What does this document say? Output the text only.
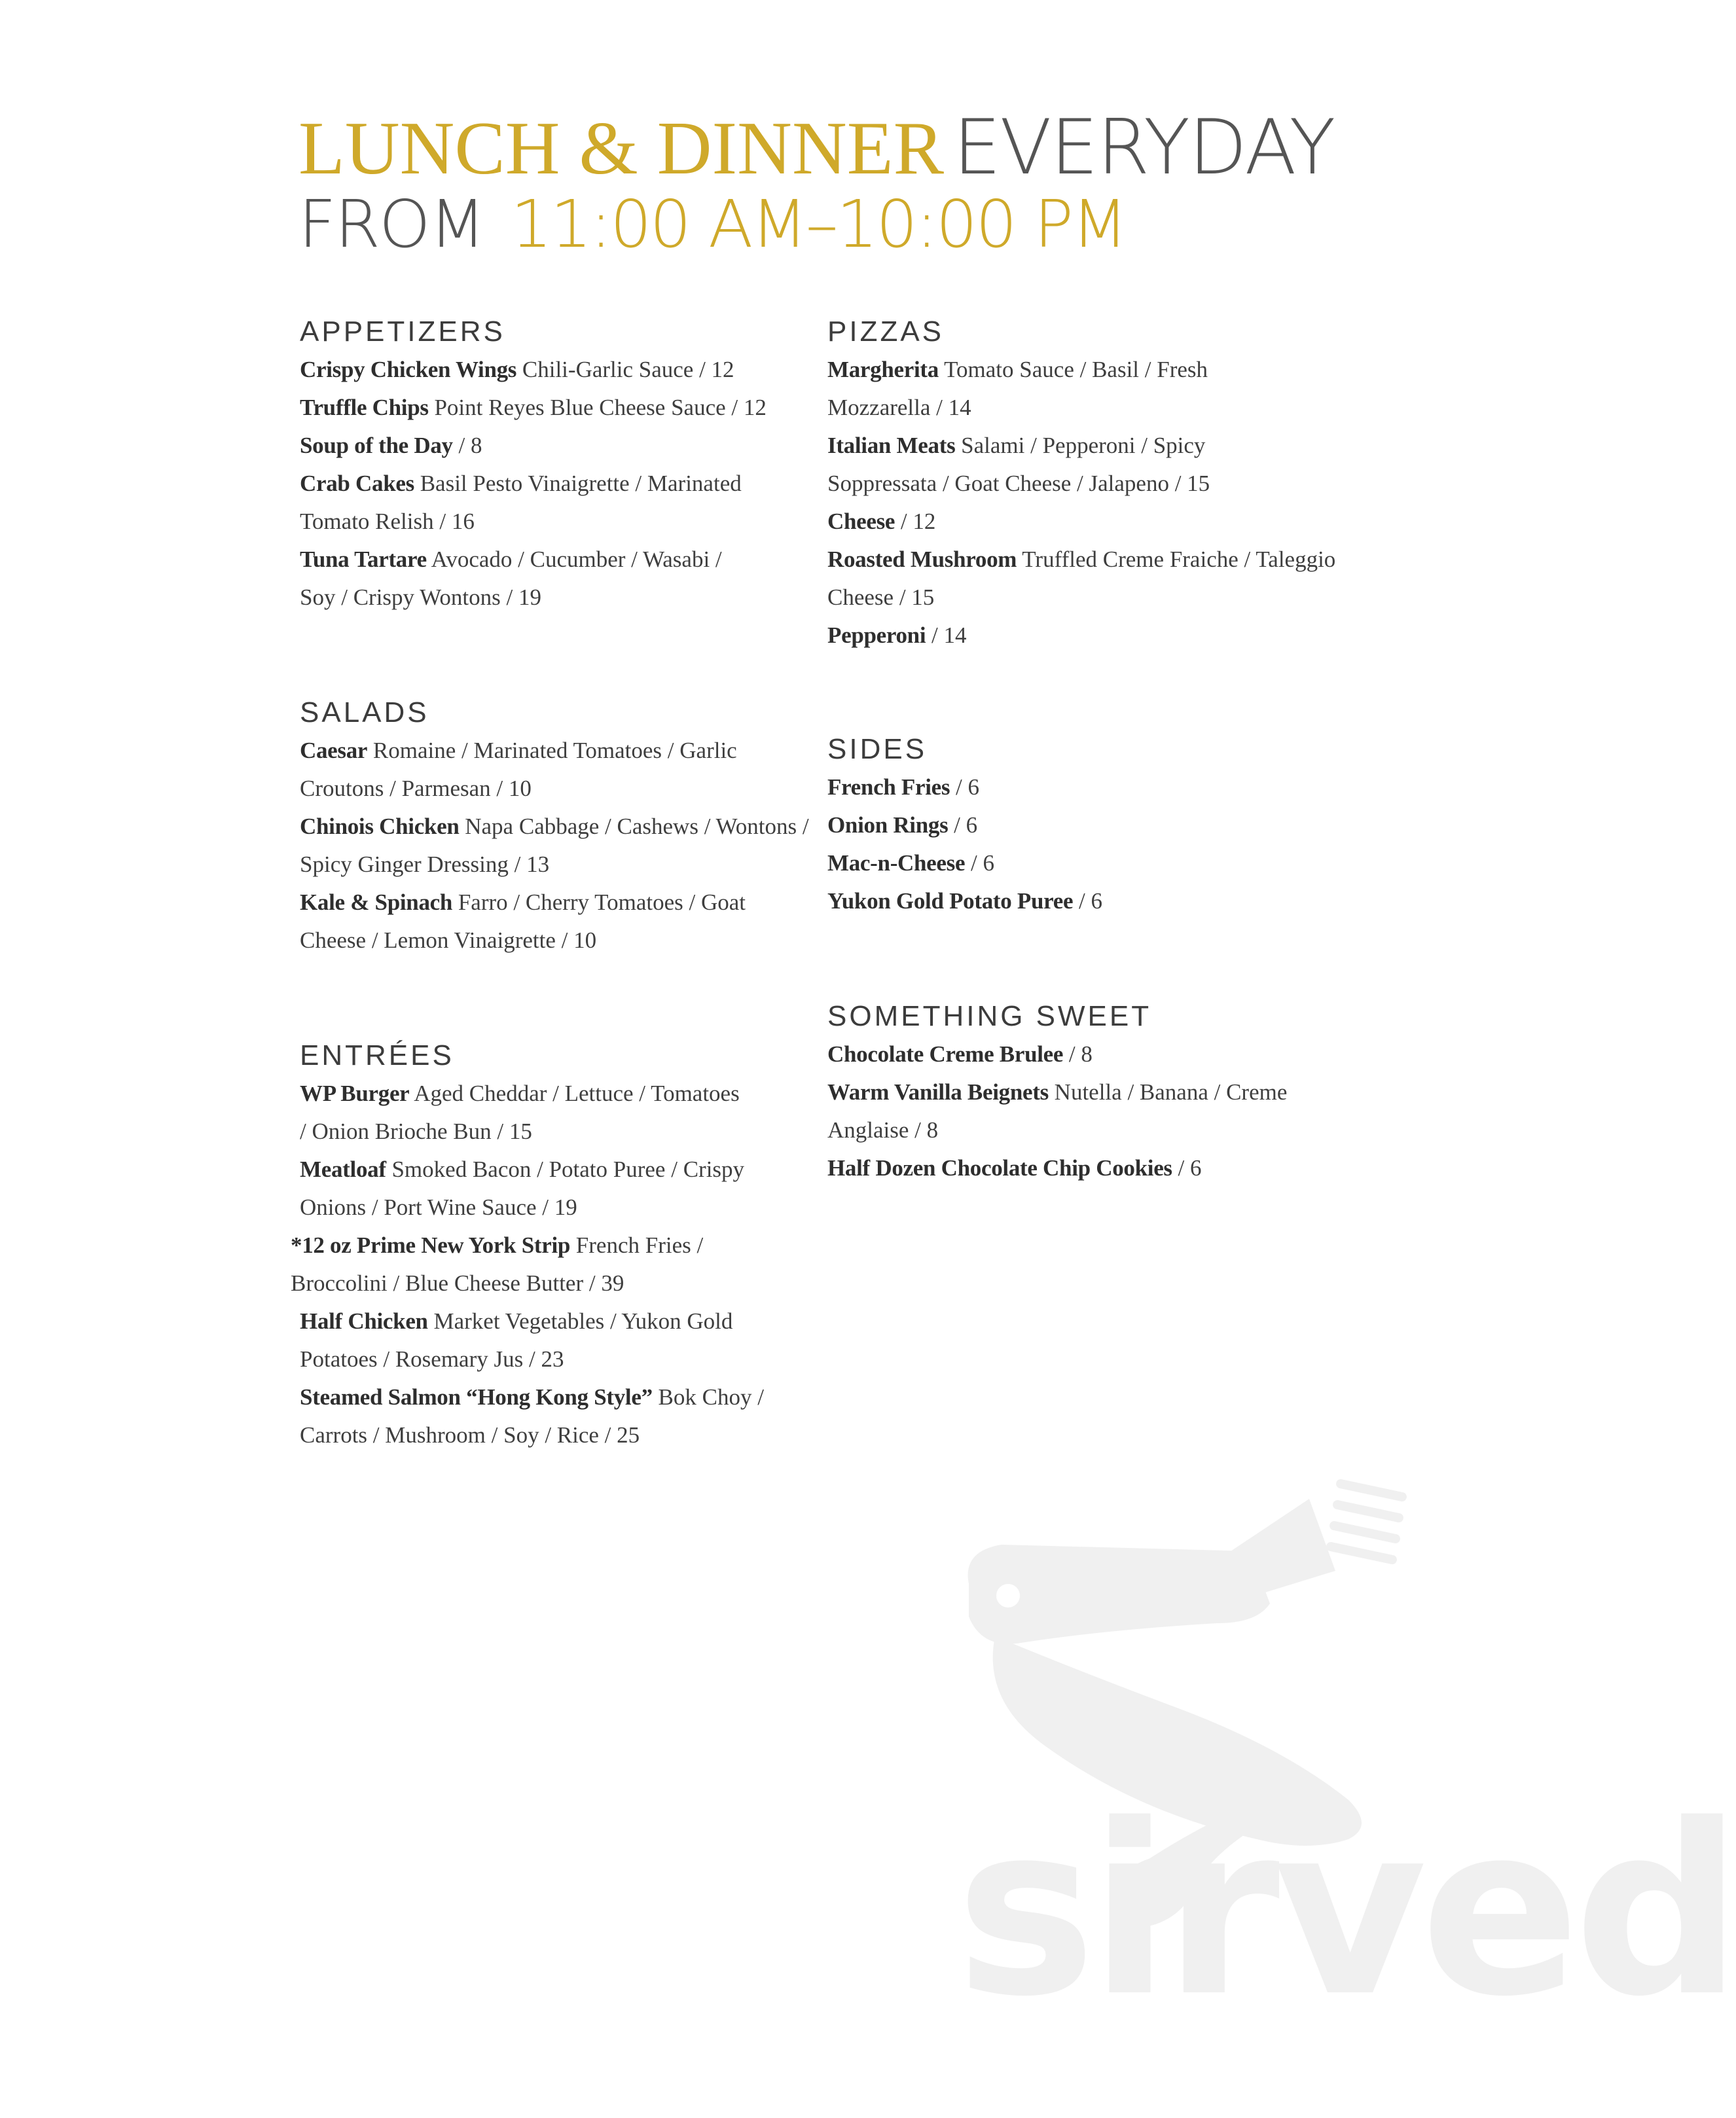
LUNCH & DINNER EVERYDAY
FROM 11:00 AM–10:00 PM
APPETIZERS
Crispy Chicken Wings Chili-Garlic Sauce / 12
Truffle Chips Point Reyes Blue Cheese Sauce / 12
Soup of the Day / 8
Crab Cakes Basil Pesto Vinaigrette / Marinated Tomato Relish / 16
Tuna Tartare Avocado / Cucumber / Wasabi / Soy / Crispy Wontons / 19
SALADS
Caesar Romaine / Marinated Tomatoes / Garlic Croutons / Parmesan / 10
Chinois Chicken Napa Cabbage / Cashews / Wontons / Spicy Ginger Dressing / 13
Kale & Spinach Farro / Cherry Tomatoes / Goat Cheese / Lemon Vinaigrette / 10
ENTRÉES
WP Burger Aged Cheddar / Lettuce / Tomatoes / Onion Brioche Bun / 15
Meatloaf Smoked Bacon / Potato Puree / Crispy Onions / Port Wine Sauce / 19
*12 oz Prime New York Strip French Fries / Broccolini / Blue Cheese Butter / 39
Half Chicken Market Vegetables / Yukon Gold Potatoes / Rosemary Jus / 23
Steamed Salmon “Hong Kong Style” Bok Choy / Carrots / Mushroom / Soy / Rice / 25
PIZZAS
Margherita Tomato Sauce / Basil / Fresh Mozzarella / 14
Italian Meats Salami / Pepperoni / Spicy Soppressata / Goat Cheese / Jalapeno / 15
Cheese / 12
Roasted Mushroom Truffled Creme Fraiche / Taleggio Cheese / 15
Pepperoni / 14
SIDES
French Fries / 6
Onion Rings / 6
Mac-n-Cheese / 6
Yukon Gold Potato Puree / 6
SOMETHING SWEET
Chocolate Creme Brulee / 8
Warm Vanilla Beignets Nutella / Banana / Creme Anglaise / 8
Half Dozen Chocolate Chip Cookies / 6
sirved
